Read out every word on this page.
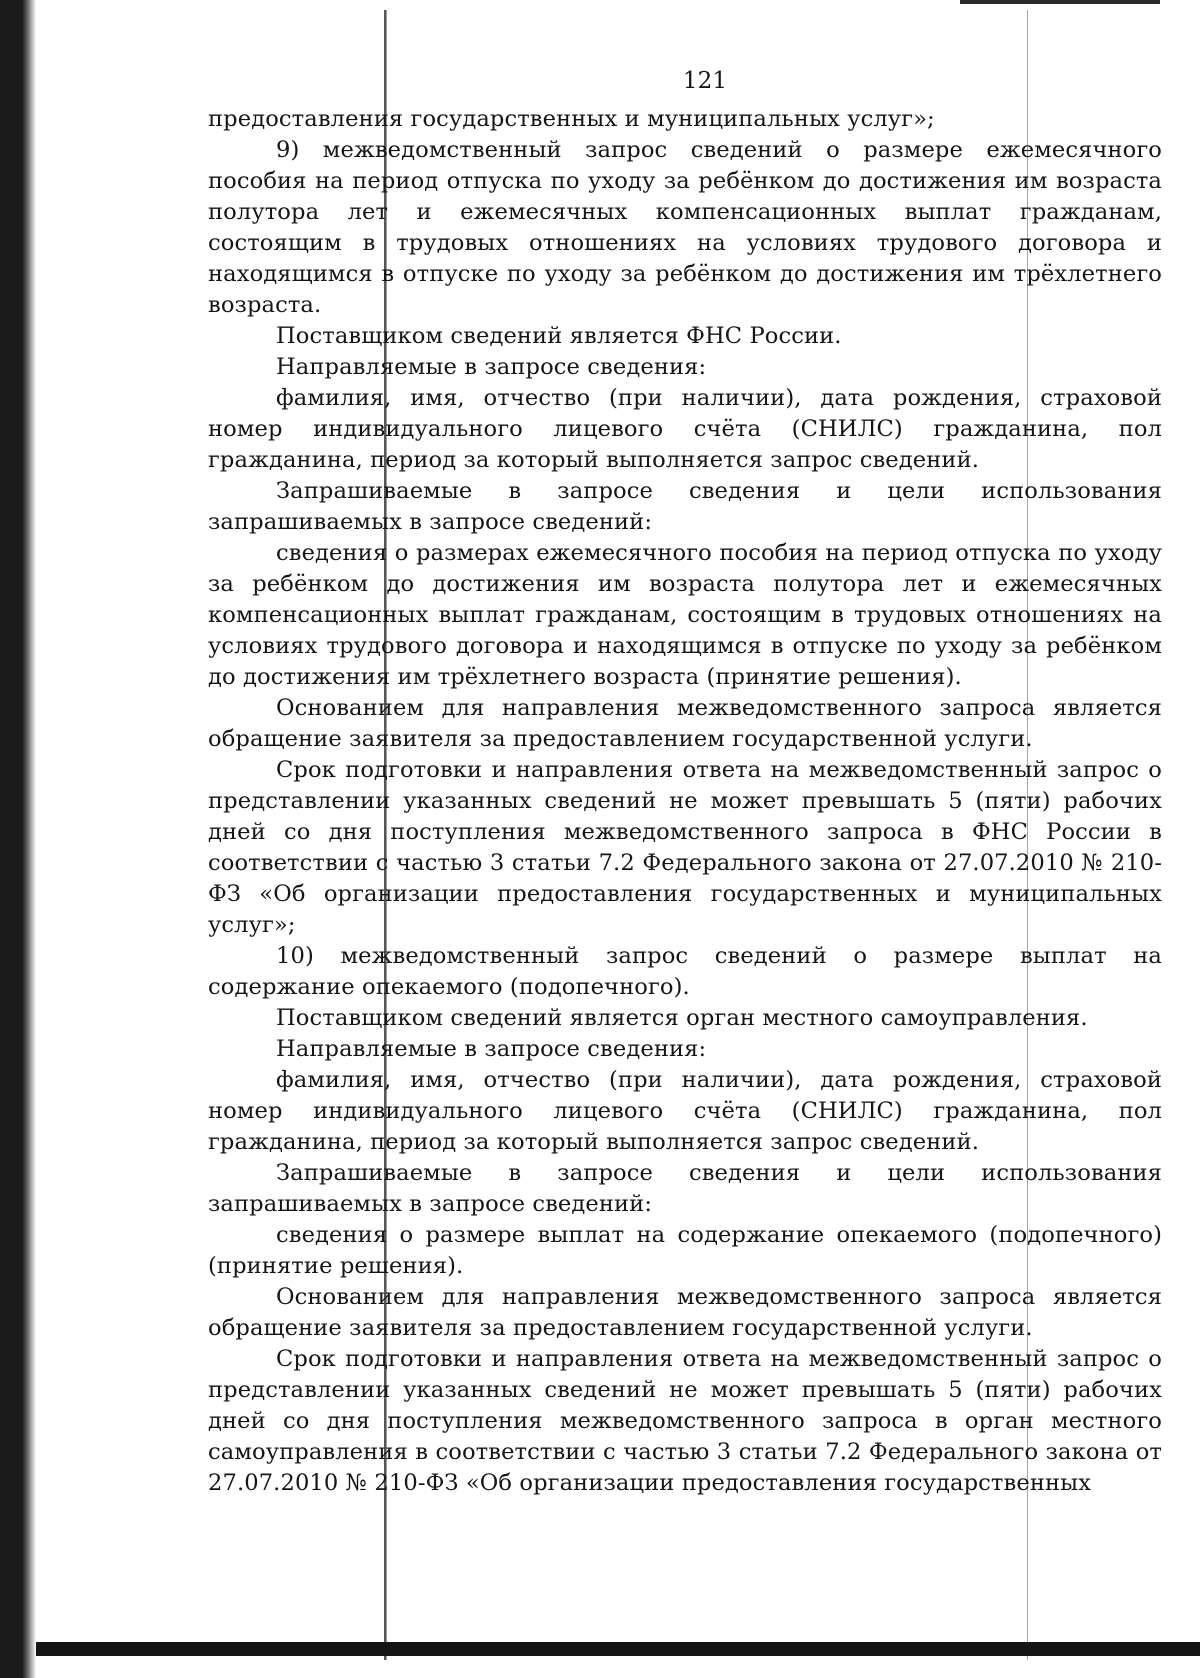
121

предоставления государственных и муниципальных услуг»;

9) межведомственный запрос сведений о размере ежемесячного пособия на период отпуска по уходу за ребёнком до достижения им возраста полутора лет и ежемесячных компенсационных выплат гражданам, состоящим в трудовых отношениях на условиях трудового договора и находящимся в отпуске по уходу за ребёнком до достижения им трёхлетнего возраста.

Поставщиком сведений является ФНС России.

Направляемые в запросе сведения:

фамилия, имя, отчество (при наличии), дата рождения, страховой номер индивидуального лицевого счёта (СНИЛС) гражданина, пол гражданина, период за который выполняется запрос сведений.

Запрашиваемые в запросе сведения и цели использования запрашиваемых в запросе сведений:

сведения о размерах ежемесячного пособия на период отпуска по уходу за ребёнком до достижения им возраста полутора лет и ежемесячных компенсационных выплат гражданам, состоящим в трудовых отношениях на условиях трудового договора и находящимся в отпуске по уходу за ребёнком до достижения им трёхлетнего возраста (принятие решения).

Основанием для направления межведомственного запроса является обращение заявителя за предоставлением государственной услуги.

Срок подготовки и направления ответа на межведомственный запрос о представлении указанных сведений не может превышать 5 (пяти) рабочих дней со дня поступления межведомственного запроса в ФНС России в соответствии с частью 3 статьи 7.2 Федерального закона от 27.07.2010 № 210-ФЗ «Об организации предоставления государственных и муниципальных услуг»;

10) межведомственный запрос сведений о размере выплат на содержание опекаемого (подопечного).

Поставщиком сведений является орган местного самоуправления.

Направляемые в запросе сведения:

фамилия, имя, отчество (при наличии), дата рождения, страховой номер индивидуального лицевого счёта (СНИЛС) гражданина, пол гражданина, период за который выполняется запрос сведений.

Запрашиваемые в запросе сведения и цели использования запрашиваемых в запросе сведений:

сведения о размере выплат на содержание опекаемого (подопечного) (принятие решения).

Основанием для направления межведомственного запроса является обращение заявителя за предоставлением государственной услуги.

Срок подготовки и направления ответа на межведомственный запрос о представлении указанных сведений не может превышать 5 (пяти) рабочих дней со дня поступления межведомственного запроса в орган местного самоуправления в соответствии с частью 3 статьи 7.2 Федерального закона от 27.07.2010 № 210-ФЗ «Об организации предоставления государственных
